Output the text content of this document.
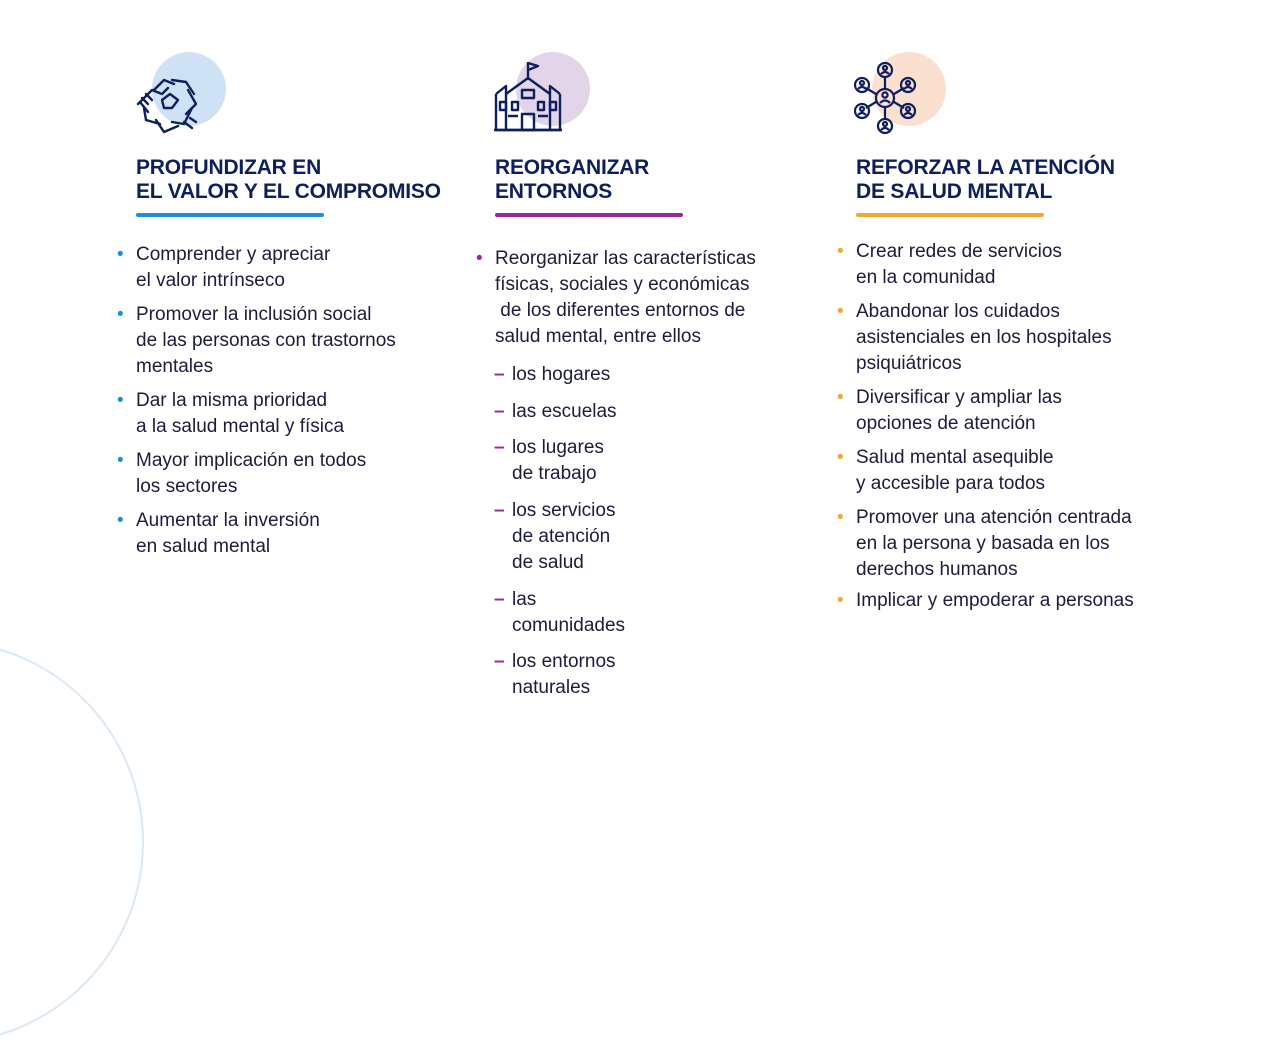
PROFUNDIZAR EN
EL VALOR Y EL COMPROMISO
• Comprender y apreciar
el valor intrínseco
• Promover la inclusión social
de las personas con trastornos
mentales
• Dar la misma prioridad
a la salud mental y física
• Mayor implicación en todos
los sectores
• Aumentar la inversión
en salud mental
REORGANIZAR
ENTORNOS
• Reorganizar las características
físicas, sociales y económicas
de los diferentes entornos de
salud mental, entre ellos
– los hogares
– las escuelas
– los lugares de trabajo
– los servicios de atención de salud
– las comunidades
– los entornos naturales
REFORZAR LA ATENCIÓN
DE SALUD MENTAL
• Crear redes de servicios
en la comunidad
• Abandonar los cuidados
asistenciales en los hospitales
psiquiátricos
• Diversificar y ampliar las
opciones de atención
• Salud mental asequible
y accesible para todos
• Promover una atención centrada
en la persona y basada en los
derechos humanos
• Implicar y empoderar a personas
